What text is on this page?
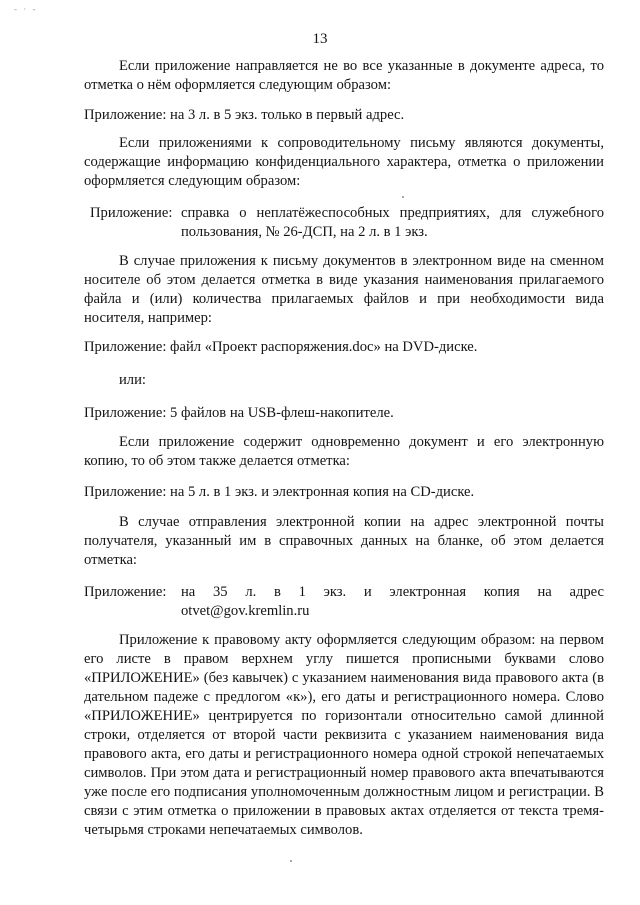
- · -
13
Если приложение направляется не во все указанные в документе адреса, то отметка о нём оформляется следующим образом:
Приложение: на 3 л. в 5 экз. только в первый адрес.
Если приложениями к сопроводительному письму являются документы, содержащие информацию конфиденциального характера, отметка о приложении оформляется следующим образом:
Приложение: справка о неплатёжеспособных предприятиях, для служебного пользования, № 26-ДСП, на 2 л. в 1 экз.
В случае приложения к письму документов в электронном виде на сменном носителе об этом делается отметка в виде указания наименования прилагаемого файла и (или) количества прилагаемых файлов и при необходимости вида носителя, например:
Приложение: файл «Проект распоряжения.doc» на DVD-диске.
или:
Приложение: 5 файлов на USB-флеш-накопителе.
Если приложение содержит одновременно документ и его электронную копию, то об этом также делается отметка:
Приложение: на 5 л. в 1 экз. и электронная копия на CD-диске.
В случае отправления электронной копии на адрес электронной почты получателя, указанный им в справочных данных на бланке, об этом делается отметка:
Приложение: на 35 л. в 1 экз. и электронная копия на адрес
otvet@gov.kremlin.ru
Приложение к правовому акту оформляется следующим образом: на первом его листе в правом верхнем углу пишется прописными буквами слово «ПРИЛОЖЕНИЕ» (без кавычек) с указанием наименования вида правового акта (в дательном падеже с предлогом «к»), его даты и регистрационного номера. Слово «ПРИЛОЖЕНИЕ» центрируется по горизонтали относительно самой длинной строки, отделяется от второй части реквизита с указанием наименования вида правового акта, его даты и регистрационного номера одной строкой непечатаемых символов. При этом дата и регистрационный номер правового акта впечатываются уже после его подписания уполномоченным должностным лицом и регистрации. В связи с этим отметка о приложении в правовых актах отделяется от текста тремя-четырьмя строками непечатаемых символов.
